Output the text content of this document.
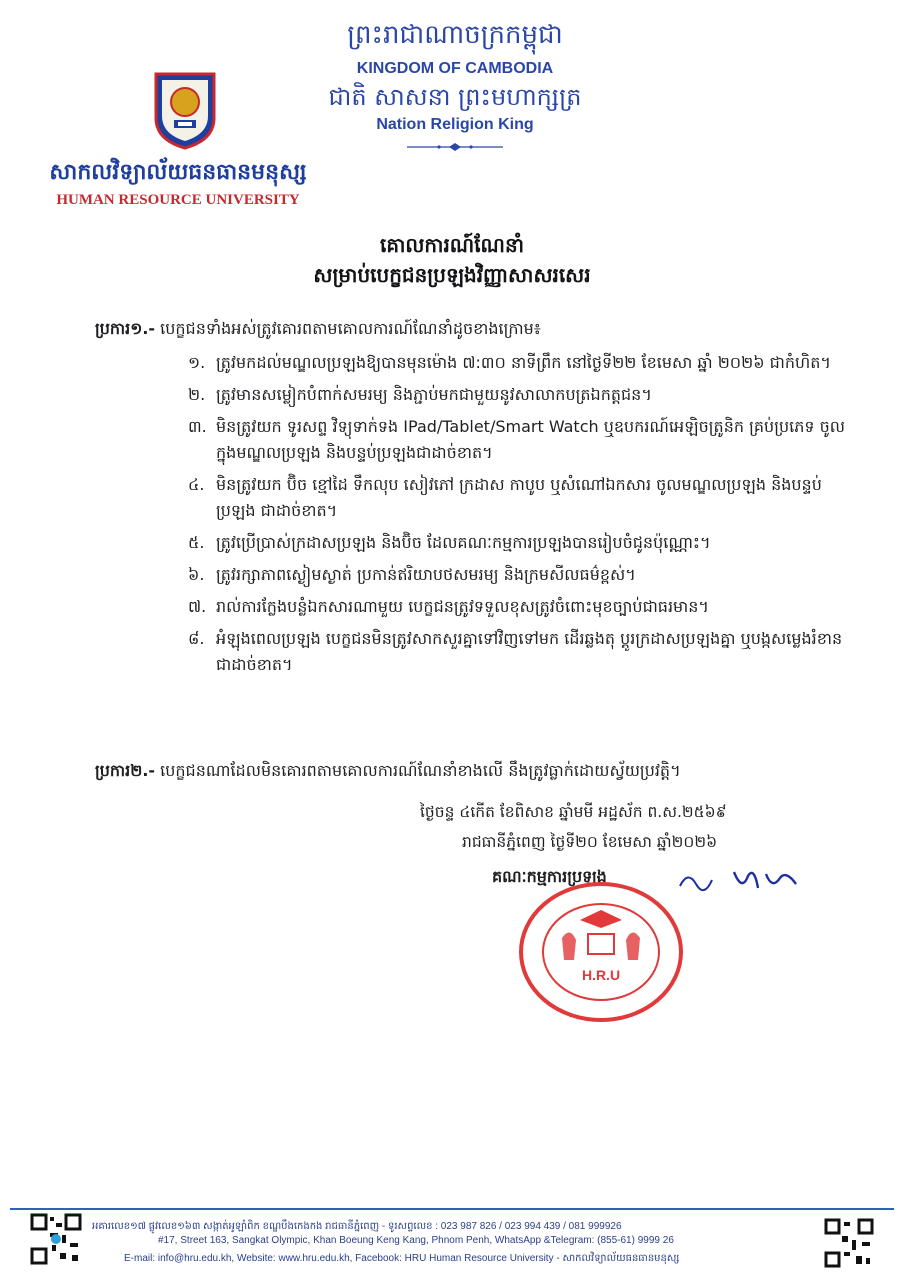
សាកលវិទ្យាល័យធនធានមនុស្ស
HUMAN RESOURCE UNIVERSITY
ព្រះរាជាណាចក្រកម្ពុជា
KINGDOM OF CAMBODIA
ជាតិ សាសនា ព្រះមហាក្សត្រ
Nation Religion King
គោលការណ៍ណែនាំ
សម្រាប់បេក្ខជនប្រឡងវិញ្ញាសាសរសេរ
ប្រការ១.- បេក្ខជនទាំងអស់ត្រូវគោរពតាមគោលការណ៍ណែនាំដូចខាងក្រោម៖
១. ត្រូវមកដល់មណ្ឌលប្រឡងឱ្យបានមុនម៉ោង ៧:៣០ នាទីព្រឹក នៅថ្ងៃទី២២ ខែមេសា ឆ្នាំ ២០២៦ ជាកំហិត។
២. ត្រូវមានសម្លៀកបំពាក់សមរម្យ និងភ្ជាប់មកជាមួយនូវសាលាកបត្រឯកត្តជន។
៣. មិនត្រូវយក ទូរសព្ទ វិទ្យុទាក់ទង IPad/Tablet/Smart Watch ឬឧបករណ៍អេឡិចត្រូនិក គ្រប់ប្រភេទ ចូលក្នុងមណ្ឌលប្រឡង និងបន្ទប់ប្រឡងជាដាច់ខាត។
៤. មិនត្រូវយក ប៊ិច ខ្មៅដៃ ទឹកលុប សៀវភៅ ក្រដាស កាបូប ឬសំណៅឯកសារ ចូលមណ្ឌលប្រឡង និងបន្ទប់ប្រឡង ជាដាច់ខាត។
៥. ត្រូវប្រើប្រាស់ក្រដាសប្រឡង និងប៊ិច ដែលគណៈកម្មការប្រឡងបានរៀបចំជូនប៉ុណ្ណោះ។
៦. ត្រូវរក្សាភាពស្ងៀមស្ងាត់ ប្រកាន់ឥរិយាបថសមរម្យ និងក្រមសីលធម៌ខ្ពស់។
៧. រាល់ការក្លែងបន្លំឯកសារណាមួយ បេក្ខជនត្រូវទទួលខុសត្រូវចំពោះមុខច្បាប់ជាធរមាន។
៨. អំឡុងពេលប្រឡង បេក្ខជនមិនត្រូវសាកសួរគ្នាទៅវិញទៅមក ដើរឆ្លងតុ ប្តូរក្រដាសប្រឡងគ្នា ឬបង្កសម្លេងរំខាន ជាដាច់ខាត។
ប្រការ២.- បេក្ខជនណាដែលមិនគោរពតាមគោលការណ៍ណែនាំខាងលើ នឹងត្រូវធ្លាក់ដោយស្វ័យប្រវត្តិ។
ថ្ងៃចន្ទ ៤កើត ខែពិសាខ ឆ្នាំមមី អដ្ឋស័ក ព.ស.២៥៦៩
រាជធានីភ្នំពេញ ថ្ងៃទី២០ ខែមេសា ឆ្នាំ២០២៦
គណៈកម្មការប្រឡង
H.R.U
អគារលេខ១៧ ផ្លូវលេខ១៦៣ សង្កាត់អូឡាំពិក ខណ្ឌបឹងកេងកង រាជធានីភ្នំពេញ - ទូរសព្ទលេខ : 023 987 826 / 023 994 439 / 081 999926
#17, Street 163, Sangkat Olympic, Khan Boeung Keng Kang, Phnom Penh, WhatsApp &Telegram: (855-61) 9999 26
E-mail: info@hru.edu.kh, Website: www.hru.edu.kh, Facebook: HRU Human Resource University - សាកលវិទ្យាល័យធនធានមនុស្ស
